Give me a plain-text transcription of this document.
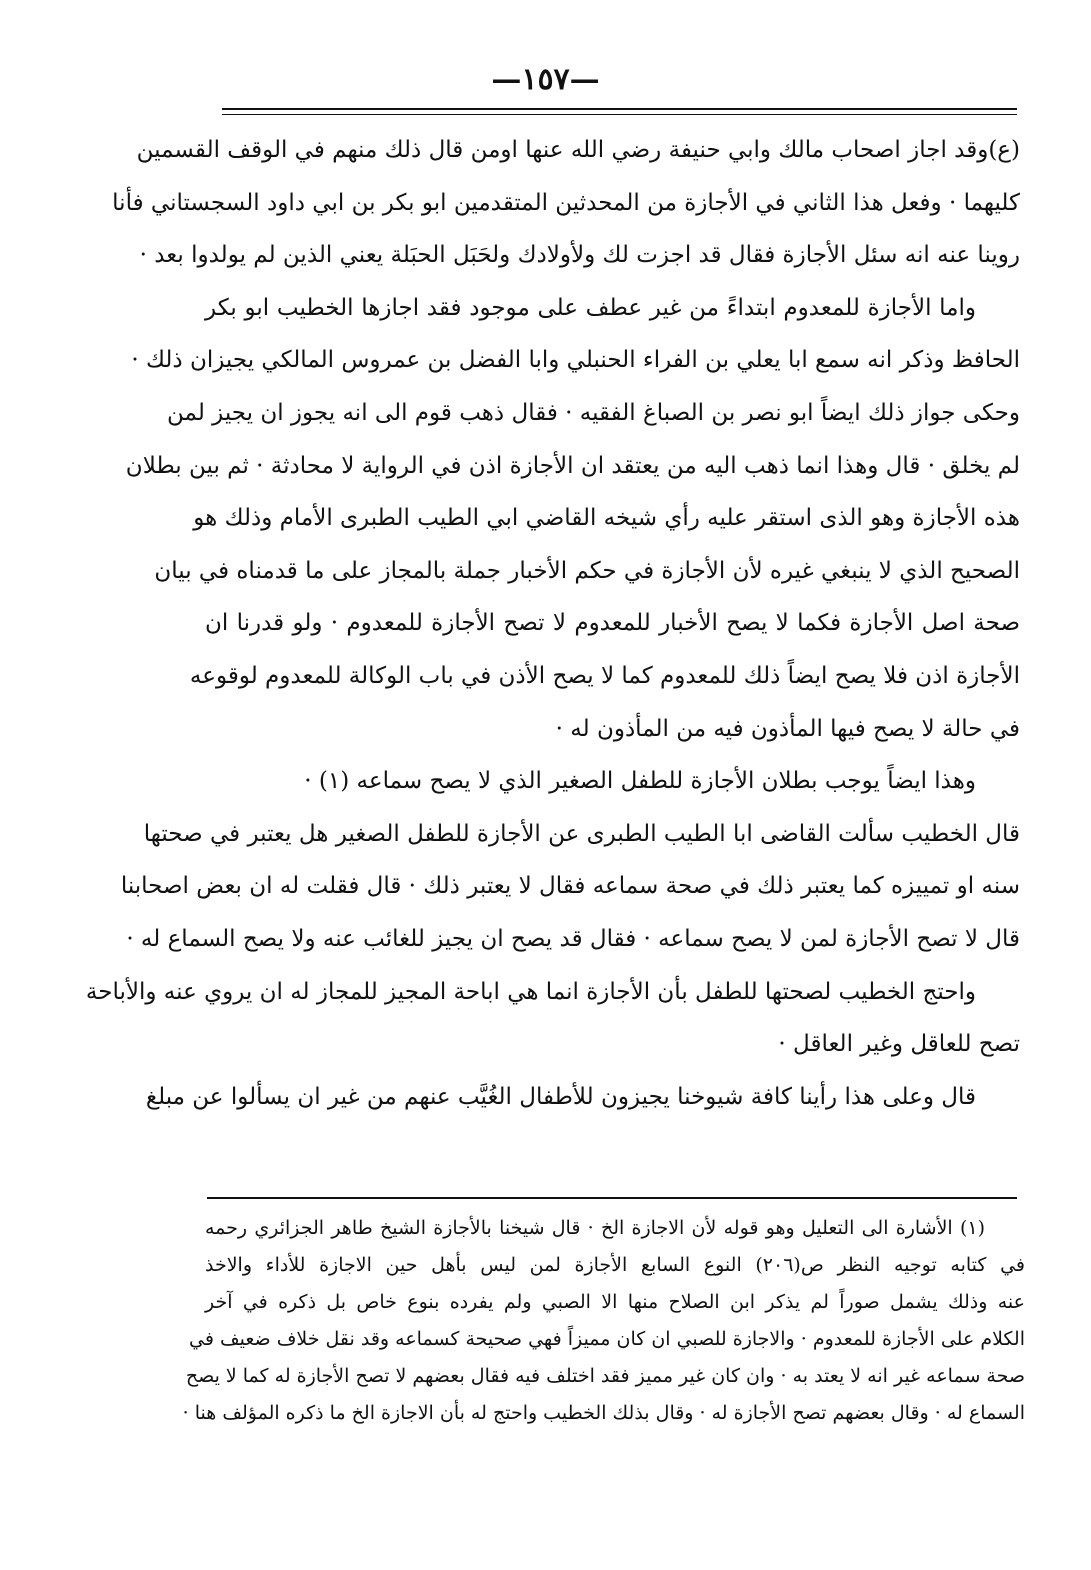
—١٥٧—
(ع)وقد اجاز اصحاب مالك وابي حنيفة رضي الله عنها اومن قال ذلك منهم في الوقف القسمين
كليهما · وفعل هذا الثاني في الأجازة من المحدثين المتقدمين ابو بكر بن ابي داود السجستاني فأنا
روينا عنه انه سئل الأجازة فقال قد اجزت لك ولأولادك ولحَبَل الحبَلة يعني الذين لم يولدوا بعد ·
واما الأجازة للمعدوم ابتداءً من غير عطف على موجود فقد اجازها الخطيب ابو بكر
الحافظ وذكر انه سمع ابا يعلي بن الفراء الحنبلي وابا الفضل بن عمروس المالكي يجيزان ذلك ·
وحكى جواز ذلك ايضاً ابو نصر بن الصباغ الفقيه · فقال ذهب قوم الى انه يجوز ان يجيز لمن
لم يخلق · قال وهذا انما ذهب اليه من يعتقد ان الأجازة اذن في الرواية لا محادثة · ثم بين بطلان
هذه الأجازة وهو الذى استقر عليه رأي شيخه القاضي ابي الطيب الطبرى الأمام وذلك هو
الصحيح الذي لا ينبغي غيره لأن الأجازة في حكم الأخبار جملة بالمجاز على ما قدمناه في بيان
صحة اصل الأجازة فكما لا يصح الأخبار للمعدوم لا تصح الأجازة للمعدوم · ولو قدرنا ان
الأجازة اذن فلا يصح ايضاً ذلك للمعدوم كما لا يصح الأذن في باب الوكالة للمعدوم لوقوعه
في حالة لا يصح فيها المأذون فيه من المأذون له ·
وهذا ايضاً يوجب بطلان الأجازة للطفل الصغير الذي لا يصح سماعه (١) ·
قال الخطيب سألت القاضى ابا الطيب الطبرى عن الأجازة للطفل الصغير هل يعتبر في صحتها
سنه او تمييزه كما يعتبر ذلك في صحة سماعه فقال لا يعتبر ذلك · قال فقلت له ان بعض اصحابنا
قال لا تصح الأجازة لمن لا يصح سماعه · فقال قد يصح ان يجيز للغائب عنه ولا يصح السماع له ·
واحتج الخطيب لصحتها للطفل بأن الأجازة انما هي اباحة المجيز للمجاز له ان يروي عنه والأباحة
تصح للعاقل وغير العاقل ·
قال وعلى هذا رأينا كافة شيوخنا يجيزون للأطفال الغُيَّب عنهم من غير ان يسألوا عن مبلغ
(١) الأشارة الى التعليل وهو قوله لأن الاجازة الخ · قال شيخنا بالأجازة الشيخ طاهر الجزائري رحمه
في كتابه توجيه النظر ص(٢٠٦) النوع السابع الأجازة لمن ليس بأهل حين الاجازة للأداء والاخذ
عنه وذلك يشمل صوراً لم يذكر ابن الصلاح منها الا الصبي ولم يفرده بنوع خاص بل ذكره في آخر
الكلام على الأجازة للمعدوم · والاجازة للصبي ان كان مميزاً فهي صحيحة كسماعه وقد نقل خلاف ضعيف في
صحة سماعه غير انه لا يعتد به · وان كان غير مميز فقد اختلف فيه فقال بعضهم لا تصح الأجازة له كما لا يصح
السماع له · وقال بعضهم تصح الأجازة له · وقال بذلك الخطيب واحتج له بأن الاجازة الخ ما ذكره المؤلف هنا ·
